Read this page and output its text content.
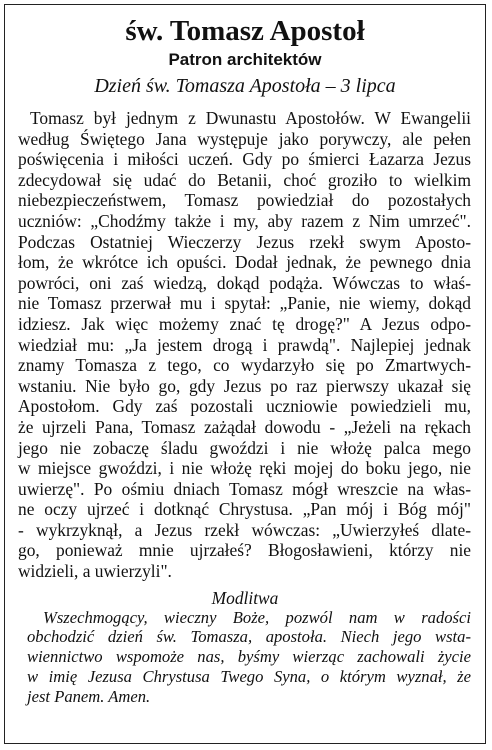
św. Tomasz Apostoł
Patron architektów
Dzień św. Tomasza Apostoła – 3 lipca
Tomasz był jednym z Dwunastu Apostołów. W Ewangelii
według Świętego Jana występuje jako porywczy, ale pełen
poświęcenia i miłości uczeń. Gdy po śmierci Łazarza Jezus
zdecydował się udać do Betanii, choć groziło to wielkim
niebezpieczeństwem, Tomasz powiedział do pozostałych
uczniów: „Chodźmy także i my, aby razem z Nim umrzeć".
Podczas Ostatniej Wieczerzy Jezus rzekł swym Aposto-
łom, że wkrótce ich opuści. Dodał jednak, że pewnego dnia
powróci, oni zaś wiedzą, dokąd podąża. Wówczas to właś-
nie Tomasz przerwał mu i spytał: „Panie, nie wiemy, dokąd
idziesz. Jak więc możemy znać tę drogę?" A Jezus odpo-
wiedział mu: „Ja jestem drogą i prawdą". Najlepiej jednak
znamy Tomasza z tego, co wydarzyło się po Zmartwych-
wstaniu. Nie było go, gdy Jezus po raz pierwszy ukazał się
Apostołom. Gdy zaś pozostali uczniowie powiedzieli mu,
że ujrzeli Pana, Tomasz zażądał dowodu - „Jeżeli na rękach
jego nie zobaczę śladu gwoździ i nie włożę palca mego
w miejsce gwoździ, i nie włożę ręki mojej do boku jego, nie
uwierzę". Po ośmiu dniach Tomasz mógł wreszcie na włas-
ne oczy ujrzeć i dotknąć Chrystusa. „Pan mój i Bóg mój"
- wykrzyknął, a Jezus rzekł wówczas: „Uwierzyłeś dlate-
go, ponieważ mnie ujrzałeś? Błogosławieni, którzy nie
widzieli, a uwierzyli".
Modlitwa
Wszechmogący, wieczny Boże, pozwól nam w radości
obchodzić dzień św. Tomasza, apostoła. Niech jego wsta-
wiennictwo wspomoże nas, byśmy wierząc zachowali życie
w imię Jezusa Chrystusa Twego Syna, o którym wyznał, że
jest Panem. Amen.
